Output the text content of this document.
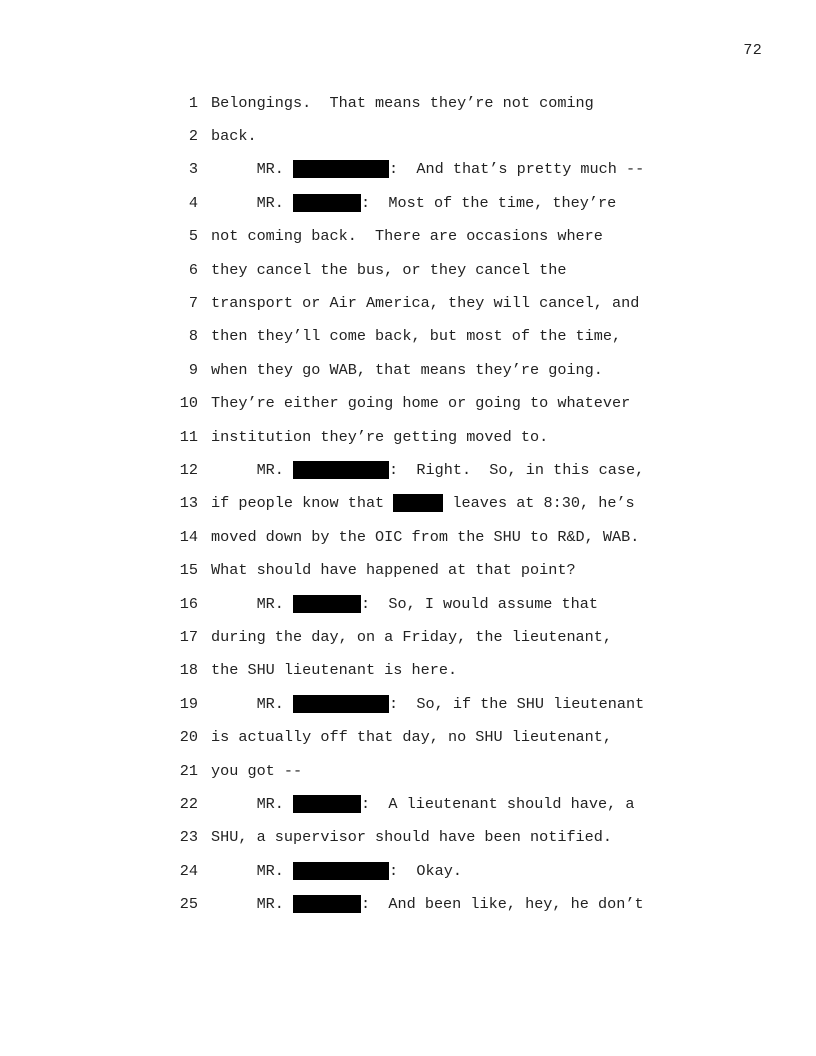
72
1 Belongings.  That means they’re not coming
2 back.
3 MR.	:  And that’s pretty much --
4 MR.	:  Most of the time, they’re
5 not coming back.  There are occasions where
6 they cancel the bus, or they cancel the
7 transport or Air America, they will cancel, and
8 then they’ll come back, but most of the time,
9 when they go WAB, that means they’re going.
10 They’re either going home or going to whatever
11 institution they’re getting moved to.
12 MR.	:  Right.  So, in this case,
13 if people know that	leaves at 8:30, he’s
14 moved down by the OIC from the SHU to R&D, WAB.
15 What should have happened at that point?
16 MR.	:  So, I would assume that
17 during the day, on a Friday, the lieutenant,
18 the SHU lieutenant is here.
19 MR.	:  So, if the SHU lieutenant
20 is actually off that day, no SHU lieutenant,
21 you got --
22 MR.	:  A lieutenant should have, a
23 SHU, a supervisor should have been notified.
24 MR.	:  Okay.
25 MR.	:  And been like, hey, he don’t
